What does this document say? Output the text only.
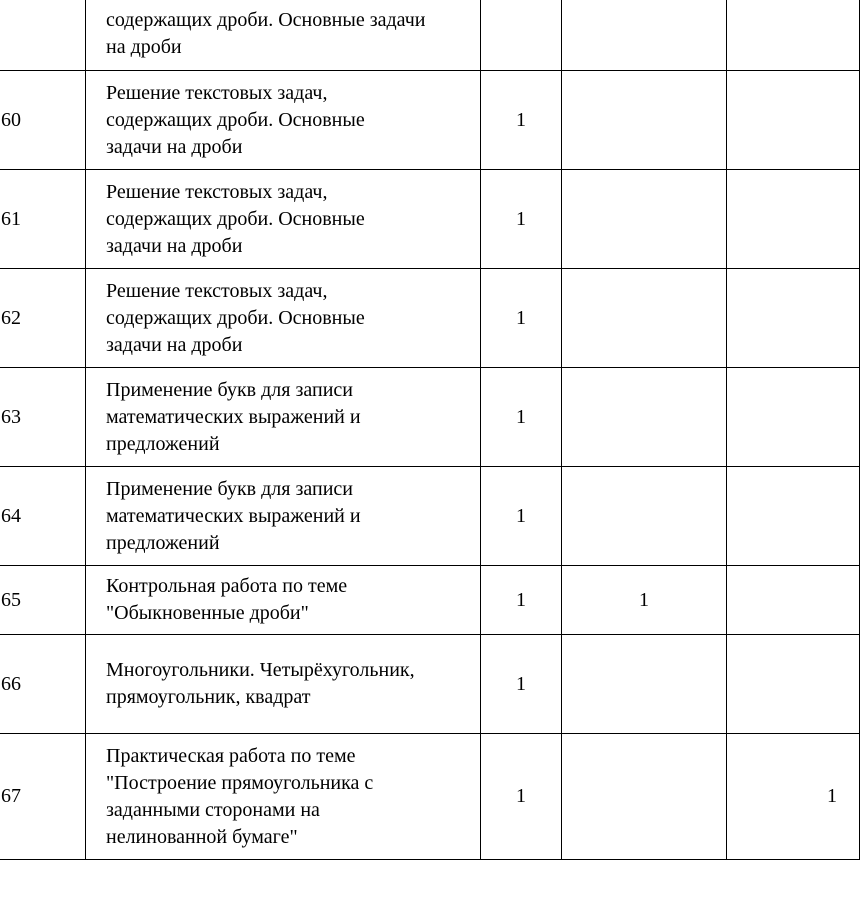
	содержащих дроби. Основные задачи на дроби			

60	Решение текстовых задач, содержащих дроби. Основные задачи на дроби	1		
61	Решение текстовых задач, содержащих дроби. Основные задачи на дроби	1		
62	Решение текстовых задач, содержащих дроби. Основные задачи на дроби	1		
63	Применение букв для записи математических выражений и предложений	1		
64	Применение букв для записи математических выражений и предложений	1		
65	Контрольная работа по теме "Обыкновенные дроби"	1	1	
66	Многоугольники. Четырёхугольник, прямоугольник, квадрат	1		
67	Практическая работа по теме "Построение прямоугольника с заданными сторонами на нелинованной бумаге"	1		1
